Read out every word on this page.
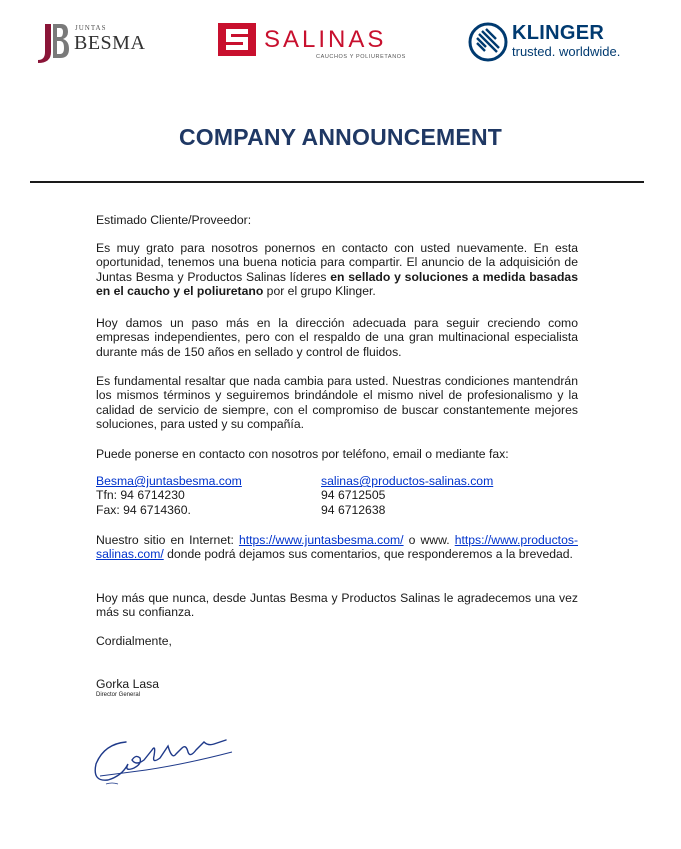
JUNTAS
BESMA	SALINAS
CAUCHOS Y POLIURETANOS
KLINGER
trusted. worldwide.
COMPANY ANNOUNCEMENT
Estimado Cliente/Proveedor:
Es muy grato para nosotros ponernos en contacto con usted nuevamente. En esta oportunidad, tenemos una buena noticia para compartir. El anuncio de la adquisición de Juntas Besma y Productos Salinas líderes en sellado y soluciones a medida basadas en el caucho y el poliuretano por el grupo Klinger.
Hoy damos un paso más en la dirección adecuada para seguir creciendo como empresas independientes, pero con el respaldo de una gran multinacional especialista durante más de 150 años en sellado y control de fluidos.
Es fundamental resaltar que nada cambia para usted. Nuestras condiciones mantendrán los mismos términos y seguiremos brindándole el mismo nivel de profesionalismo y la calidad de servicio de siempre, con el compromiso de buscar constantemente mejores soluciones, para usted y su compañía.
Puede ponerse en contacto con nosotros por teléfono, email o mediante fax:
Besma@juntasbesma.com
Tfn: 94 6714230
Fax: 94 6714360.
salinas@productos-salinas.com
94 6712505
94 6712638
Nuestro sitio en Internet: https://www.juntasbesma.com/ o www. https://www.productos-salinas.com/ donde podrá dejamos sus comentarios, que responderemos a la brevedad.
Hoy más que nunca, desde Juntas Besma y Productos Salinas le agradecemos una vez más su confianza.
Cordialmente,
Gorka Lasa
Director General
